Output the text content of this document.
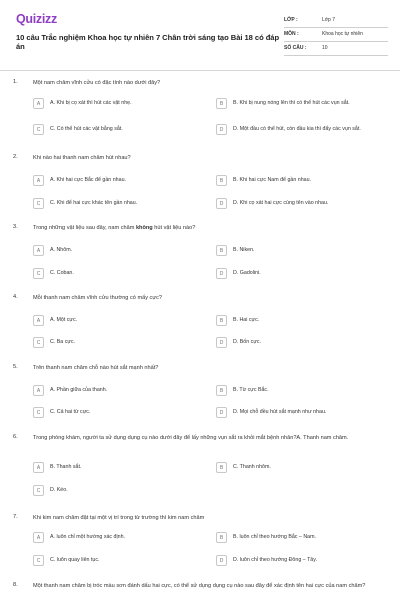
Quizizz
10 câu Trắc nghiệm Khoa học tự nhiên 7 Chân trời sáng tạo Bài 18 có đáp án
LỚP :	Lớp 7
MÔN :	Khoa học tự nhiên
SỐ CÂU :	10
1.	Một nam châm vĩnh cửu có đặc tính nào dưới đây?
A	A. Khi bị cọ xát thì hút các vật nhẹ.	B	B. Khi bị nung nóng lên thì có thể hút các vụn sắt.
C	C. Có thể hút các vật bằng sắt.	D	D. Một đầu có thể hút, còn đầu kia thì đẩy các vụn sắt.
2.	Khi nào hai thanh nam châm hút nhau?
A	A. Khi hai cực Bắc để gần nhau.	B	B. Khi hai cực Nam để gần nhau.
C	C. Khi để hai cực khác tên gần nhau.	D	D. Khi cọ xát hai cực cùng tên vào nhau.
3.	Trong những vật liệu sau đây, nam châm không hút vật liệu nào?
A	A. Nhôm.	B	B. Niken.
C	C. Coban.	D	D. Gadolini.
4.	Mỗi thanh nam châm vĩnh cửu thường có mấy cực?
A	A. Một cực.	B	B. Hai cực.
C	C. Ba cực.	D	D. Bốn cực.
5.	Trên thanh nam châm chỗ nào hút sắt mạnh nhất?
A	A. Phần giữa của thanh.	B	B. Từ cực Bắc.
C	C. Cả hai từ cực.	D	D. Mọi chỗ đều hút sắt mạnh như nhau.
6.	Trong phòng khám, người ta sử dụng dụng cụ nào dưới đây để lấy những vụn sắt ra khỏi mắt bệnh nhân?A. Thanh nam châm.
A	B. Thanh sắt.	B	C. Thanh nhôm.
C	D. Kéo.
7.	Khi kim nam châm đặt tại một vị trí trong từ trường thì kim nam châm
A	A. luôn chỉ một hướng xác định.	B	B. luôn chỉ theo hướng Bắc – Nam.
C	C. luôn quay liên tục.	D	D. luôn chỉ theo hướng Đông – Tây.
8.	Một thanh nam châm bị tróc màu sơn đánh dấu hai cực, có thể sử dụng dụng cụ nào sau đây để xác định tên hai cực của nam châm?
